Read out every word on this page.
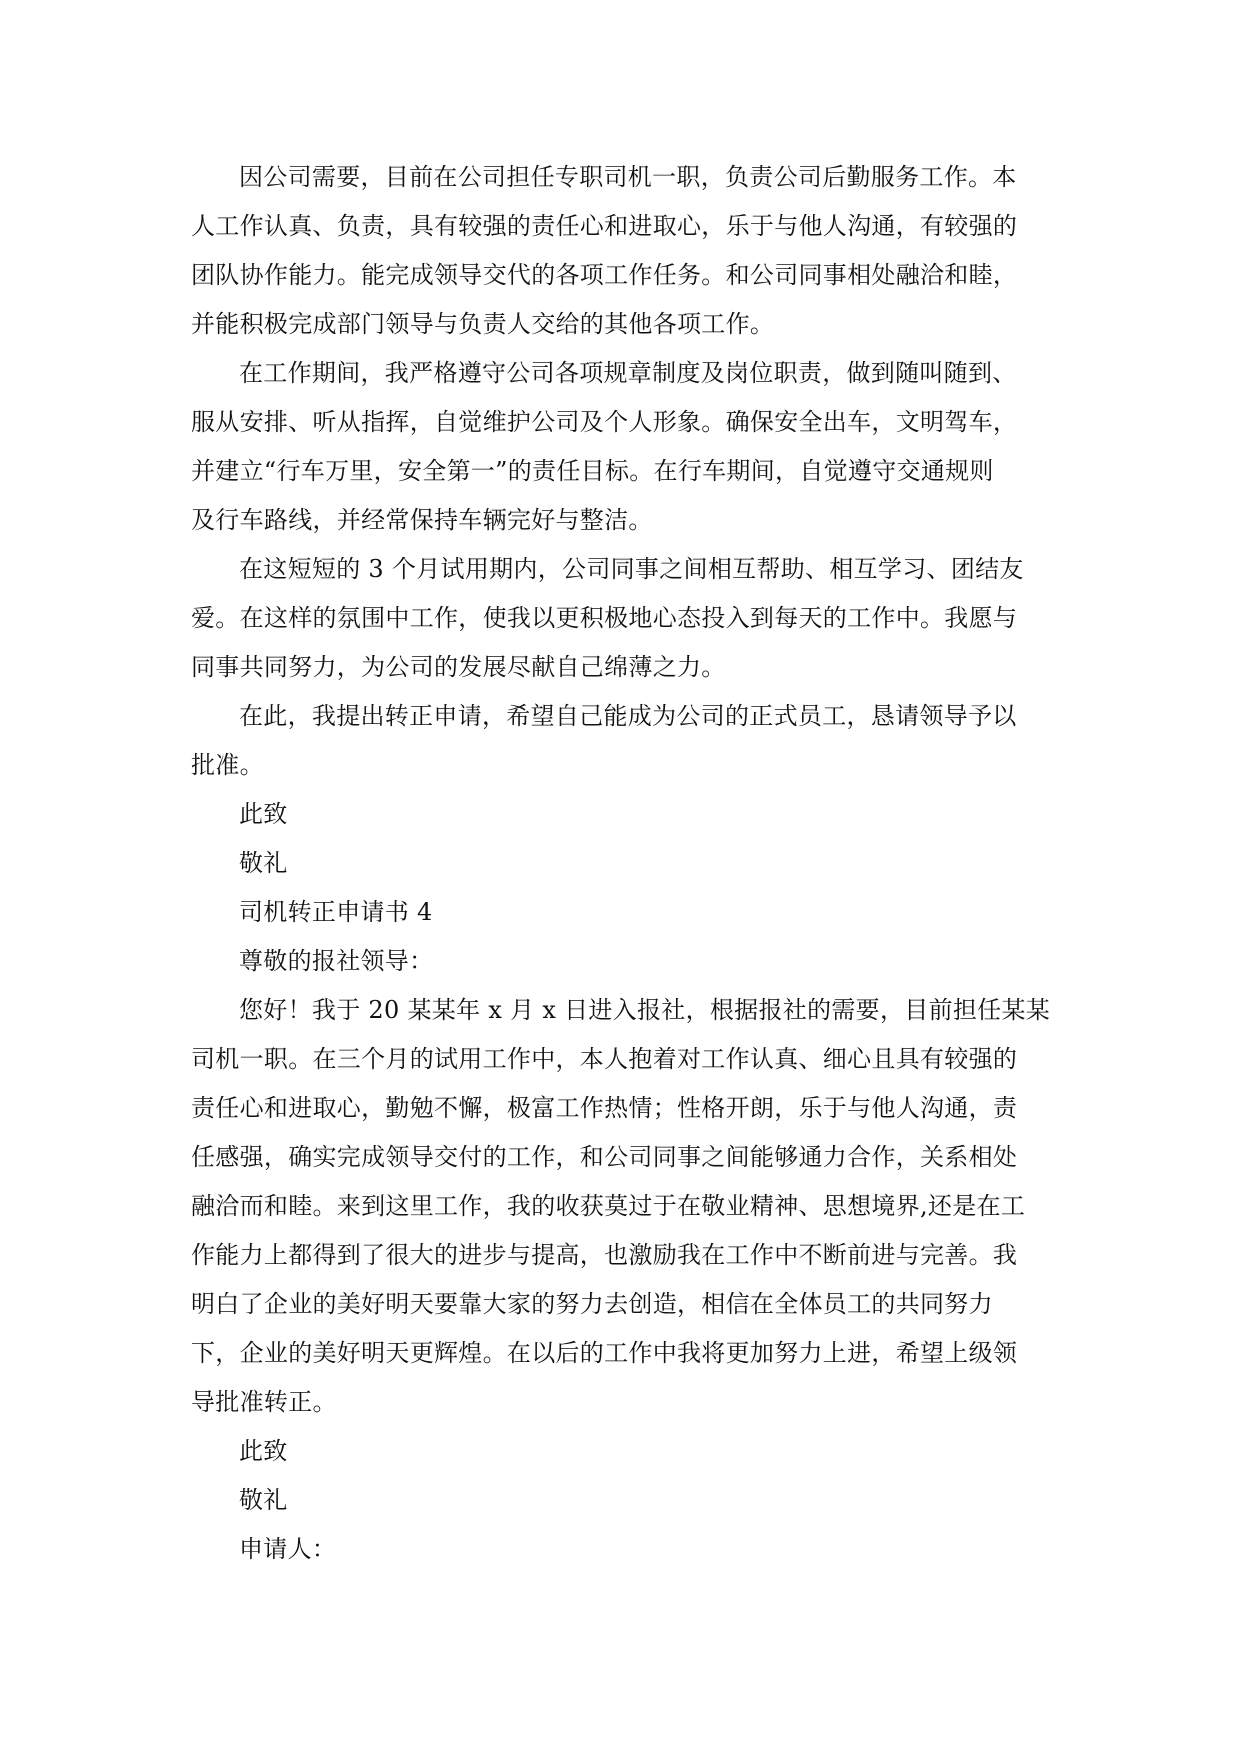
因公司需要，目前在公司担任专职司机一职，负责公司后勤服务工作。本
人工作认真、负责，具有较强的责任心和进取心，乐于与他人沟通，有较强的
团队协作能力。能完成领导交代的各项工作任务。和公司同事相处融洽和睦，
并能积极完成部门领导与负责人交给的其他各项工作。

在工作期间，我严格遵守公司各项规章制度及岗位职责，做到随叫随到、
服从安排、听从指挥，自觉维护公司及个人形象。确保安全出车，文明驾车，
并建立“行车万里，安全第一”的责任目标。在行车期间，自觉遵守交通规则
及行车路线，并经常保持车辆完好与整洁。

在这短短的 3 个月试用期内，公司同事之间相互帮助、相互学习、团结友
爱。在这样的氛围中工作，使我以更积极地心态投入到每天的工作中。我愿与
同事共同努力，为公司的发展尽献自己绵薄之力。

在此，我提出转正申请，希望自己能成为公司的正式员工，恳请领导予以
批准。

此致

敬礼

司机转正申请书 4

尊敬的报社领导：

您好！我于 20 某某年 x 月 x 日进入报社，根据报社的需要，目前担任某某
司机一职。在三个月的试用工作中，本人抱着对工作认真、细心且具有较强的
责任心和进取心，勤勉不懈，极富工作热情；性格开朗，乐于与他人沟通，责
任感强，确实完成领导交付的工作，和公司同事之间能够通力合作，关系相处
融洽而和睦。来到这里工作，我的收获莫过于在敬业精神、思想境界,还是在工
作能力上都得到了很大的进步与提高，也激励我在工作中不断前进与完善。我
明白了企业的美好明天要靠大家的努力去创造，相信在全体员工的共同努力
下，企业的美好明天更辉煌。在以后的工作中我将更加努力上进，希望上级领
导批准转正。

此致

敬礼

申请人：
